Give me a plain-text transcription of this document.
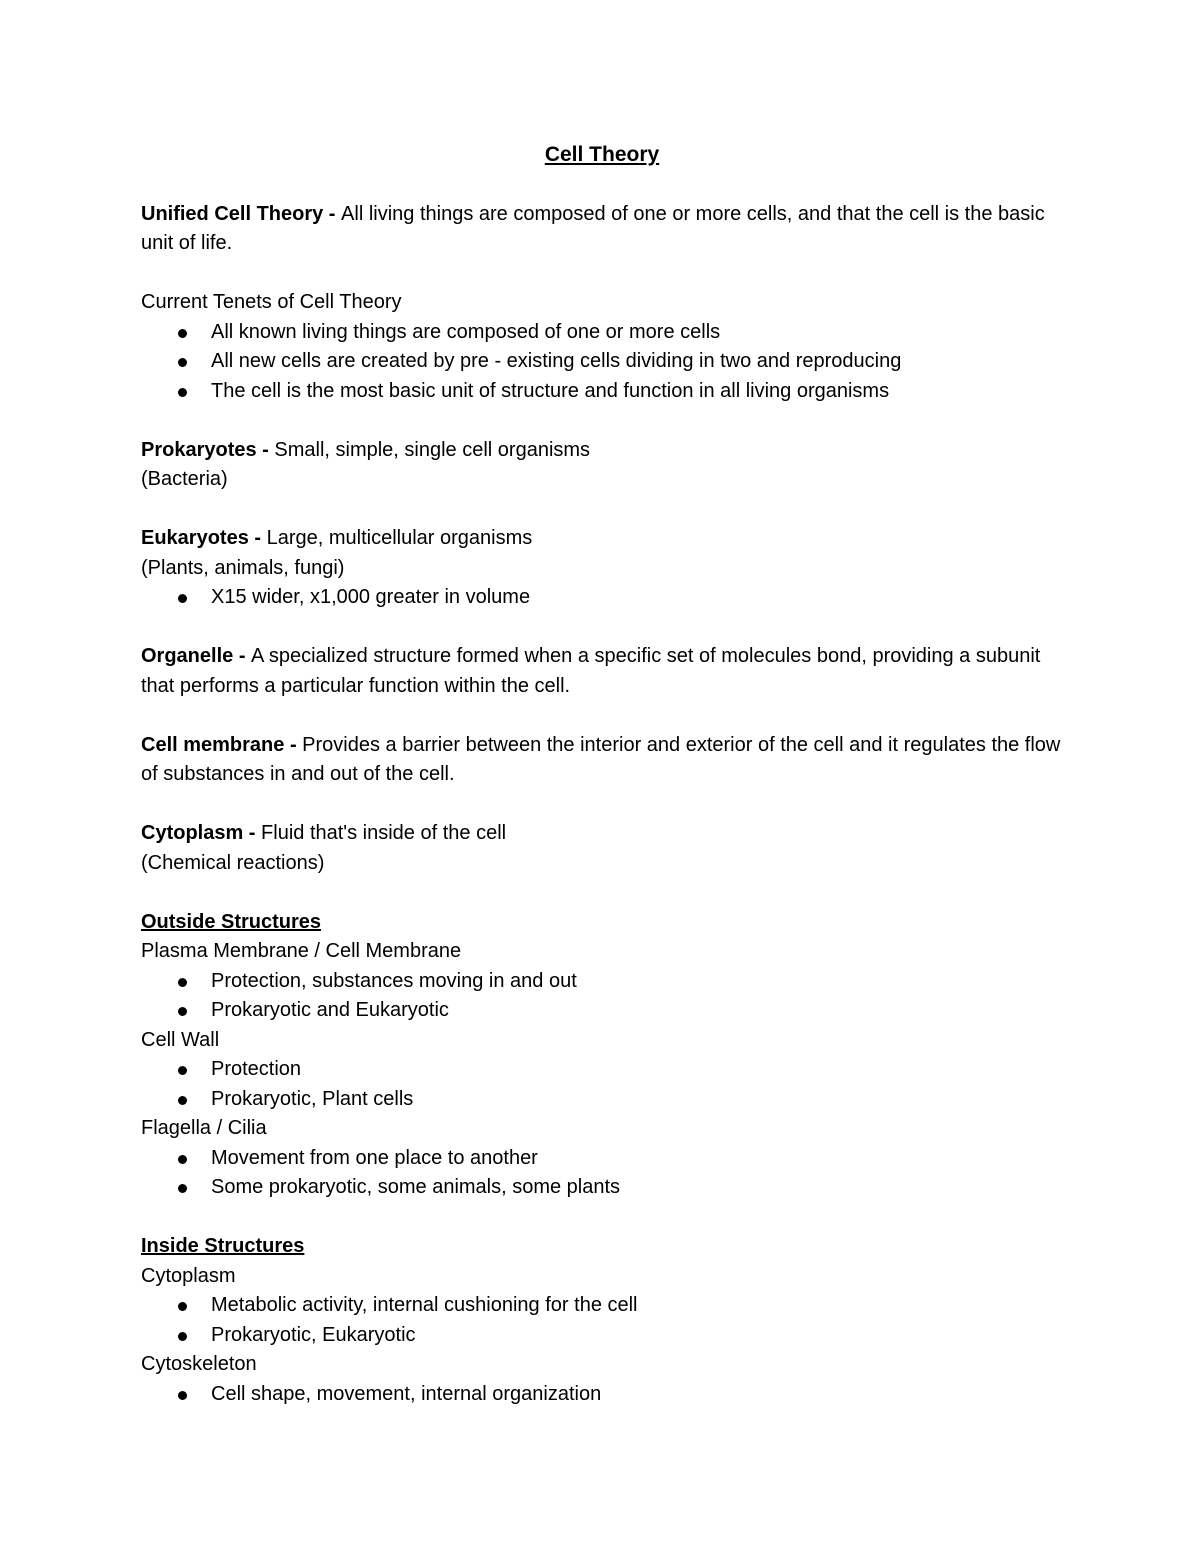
Cell Theory

Unified Cell Theory - All living things are composed of one or more cells, and that the cell is the basic unit of life.

Current Tenets of Cell Theory

All known living things are composed of one or more cells
All new cells are created by pre - existing cells dividing in two and reproducing
The cell is the most basic unit of structure and function in all living organisms

Prokaryotes - Small, simple, single cell organisms

(Bacteria)

Eukaryotes - Large, multicellular organisms

(Plants, animals, fungi)

X15 wider, x1,000 greater in volume

Organelle - A specialized structure formed when a specific set of molecules bond, providing a subunit that performs a particular function within the cell.

Cell membrane - Provides a barrier between the interior and exterior of the cell and it regulates the flow of substances in and out of the cell.

Cytoplasm - Fluid that's inside of the cell

(Chemical reactions)

Outside Structures

Plasma Membrane / Cell Membrane

Protection, substances moving in and out
Prokaryotic and Eukaryotic

Cell Wall

Protection
Prokaryotic, Plant cells

Flagella / Cilia

Movement from one place to another
Some prokaryotic, some animals, some plants

Inside Structures

Cytoplasm

Metabolic activity, internal cushioning for the cell
Prokaryotic, Eukaryotic

Cytoskeleton

Cell shape, movement, internal organization
